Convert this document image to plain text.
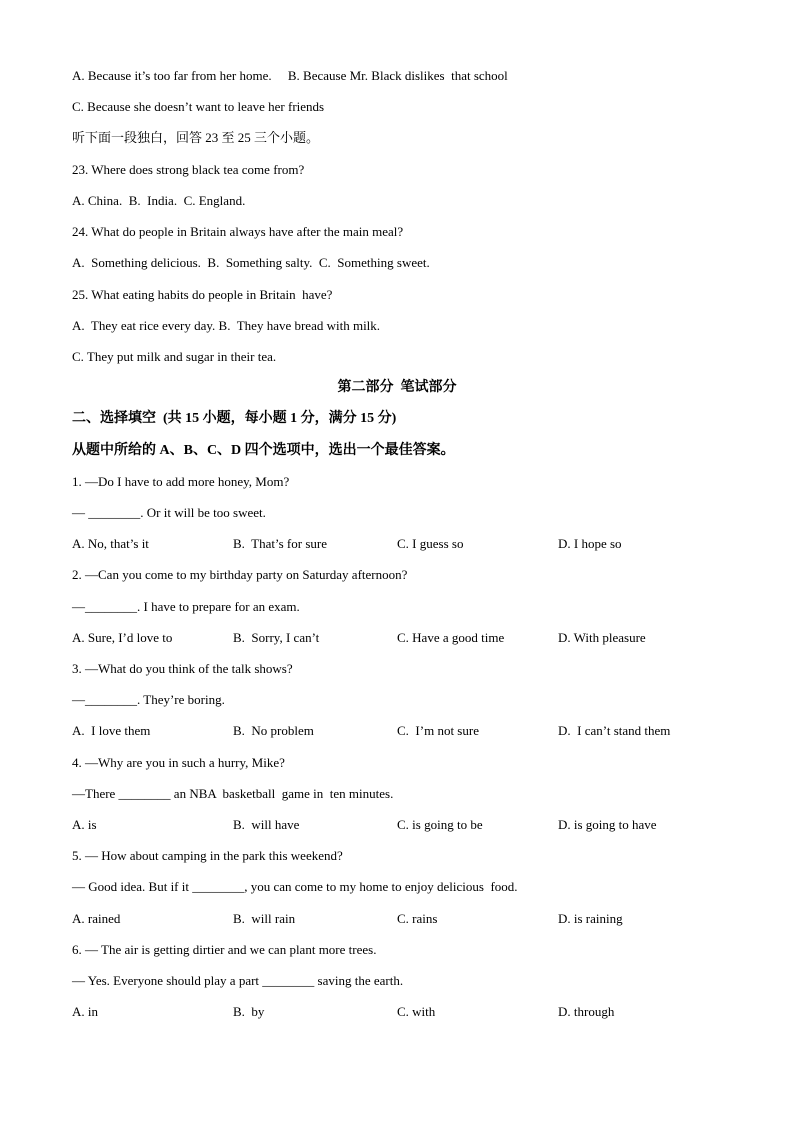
A. Because it’s too far from her home.     B. Because Mr. Black dislikes  that school

C. Because she doesn’t want to leave her friends

听下面一段独白，回答 23 至 25 三个小题。

23. Where does strong black tea come from?

A. China.  B.  India.  C. England.

24. What do people in Britain always have after the main meal?

A.  Something delicious.  B.  Something salty.  C.  Something sweet.

25. What eating habits do people in Britain  have?

A.  They eat rice every day. B.  They have bread with milk.

C. They put milk and sugar in their tea.

第二部分  笔试部分

二、选择填空  (共 15 小题，每小题 1 分，满分 15 分)

从题中所给的 A、B、C、D 四个选项中，选出一个最佳答案。

1. —Do I have to add more honey, Mom?

— ________. Or it will be too sweet.

A. No, that’s it	B.  That’s for sure	C. I guess so	D. I hope so

2. —Can you come to my birthday party on Saturday afternoon?

—________. I have to prepare for an exam.

A. Sure, I’d love to	B.  Sorry, I can’t	C. Have a good time	D. With pleasure

3. —What do you think of the talk shows?

—________. They’re boring.

A.  I love them	B.  No problem	C.  I’m not sure	D.  I can’t stand them

4. —Why are you in such a hurry, Mike?

—There ________ an NBA  basketball  game in  ten minutes.

A. is	B.  will have	C. is going to be	D. is going to have

5. — How about camping in the park this weekend?

— Good idea. But if it ________, you can come to my home to enjoy delicious  food.

A. rained	B.  will rain	C. rains	D. is raining

6. — The air is getting dirtier and we can plant more trees.

— Yes. Everyone should play a part ________ saving the earth.

A. in	B.  by	C. with	D. through
